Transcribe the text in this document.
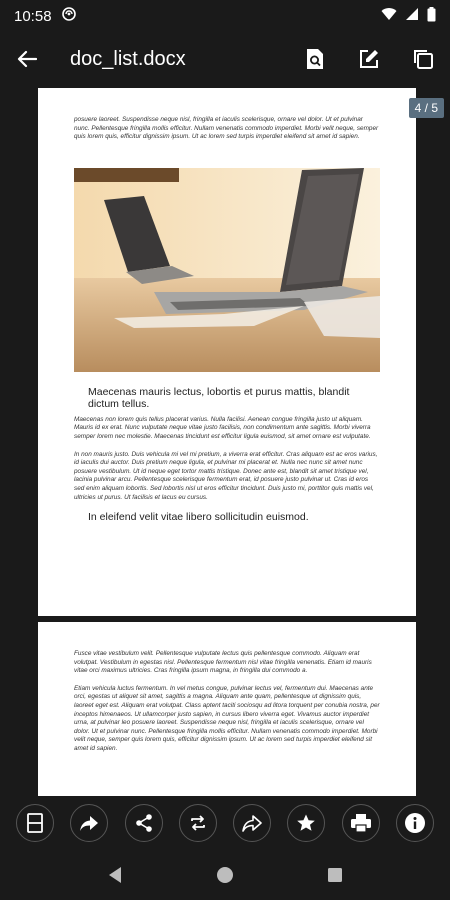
10:58
doc_list.docx

posuere laoreet. Suspendisse neque nisl, fringilla et iaculis scelerisque, ornare vel dolor. Ut et pulvinar nunc. Pellentesque fringilla mollis efficitur. Nullam venenatis commodo imperdiet. Morbi velit neque, semper quis lorem quis, efficitur dignissim ipsum. Ut ac lorem sed turpis imperdiet eleifend sit amet id sapien.

Maecenas mauris lectus, lobortis et purus mattis, blandit dictum tellus.

Maecenas non lorem quis tellus placerat varius. Nulla facilisi. Aenean congue fringilla justo ut aliquam. Mauris id ex erat. Nunc vulputate neque vitae justo facilisis, non condimentum ante sagittis. Morbi viverra semper lorem nec molestie. Maecenas tincidunt est efficitur ligula euismod, sit amet ornare est vulputate.

In non mauris justo. Duis vehicula mi vel mi pretium, a viverra erat efficitur. Cras aliquam est ac eros varius, id iaculis dui auctor. Duis pretium neque ligula, et pulvinar mi placerat et. Nulla nec nunc sit amet nunc posuere vestibulum. Ut id neque eget tortor mattis tristique. Donec ante est, blandit sit amet tristique vel, lacinia pulvinar arcu. Pellentesque scelerisque fermentum erat, id posuere justo pulvinar ut. Cras id eros sed enim aliquam lobortis. Sed lobortis nisl ut eros efficitur tincidunt. Duis justo mi, porttitor quis mattis vel, ultricies ut purus. Ut facilisis et lacus eu cursus.

In eleifend velit vitae libero sollicitudin euismod.

Fusce vitae vestibulum velit. Pellentesque vulputate lectus quis pellentesque commodo. Aliquam erat volutpat. Vestibulum in egestas nisl. Pellentesque fermentum nisl vitae fringilla venenatis. Etiam id mauris vitae orci maximus ultricies. Cras fringilla ipsum magna, in fringilla dui commodo a.

Etiam vehicula luctus fermentum. In vel metus congue, pulvinar lectus vel, fermentum dui. Maecenas ante orci, egestas ut aliquet sit amet, sagittis a magna. Aliquam ante quam, pellentesque ut dignissim quis, laoreet eget est. Aliquam erat volutpat. Class aptent taciti sociosqu ad litora torquent per conubia nostra, per inceptos himenaeos. Ut ullamcorper justo sapien, in cursus libero viverra eget. Vivamus auctor imperdiet urna, at pulvinar leo posuere laoreet. Suspendisse neque nisl, fringilla et iaculis scelerisque, ornare vel dolor. Ut et pulvinar nunc. Pellentesque fringilla mollis efficitur. Nullam venenatis commodo imperdiet. Morbi velit neque, semper quis lorem quis, efficitur dignissim ipsum. Ut ac lorem sed turpis imperdiet eleifend sit amet id sapien.

4 / 5
